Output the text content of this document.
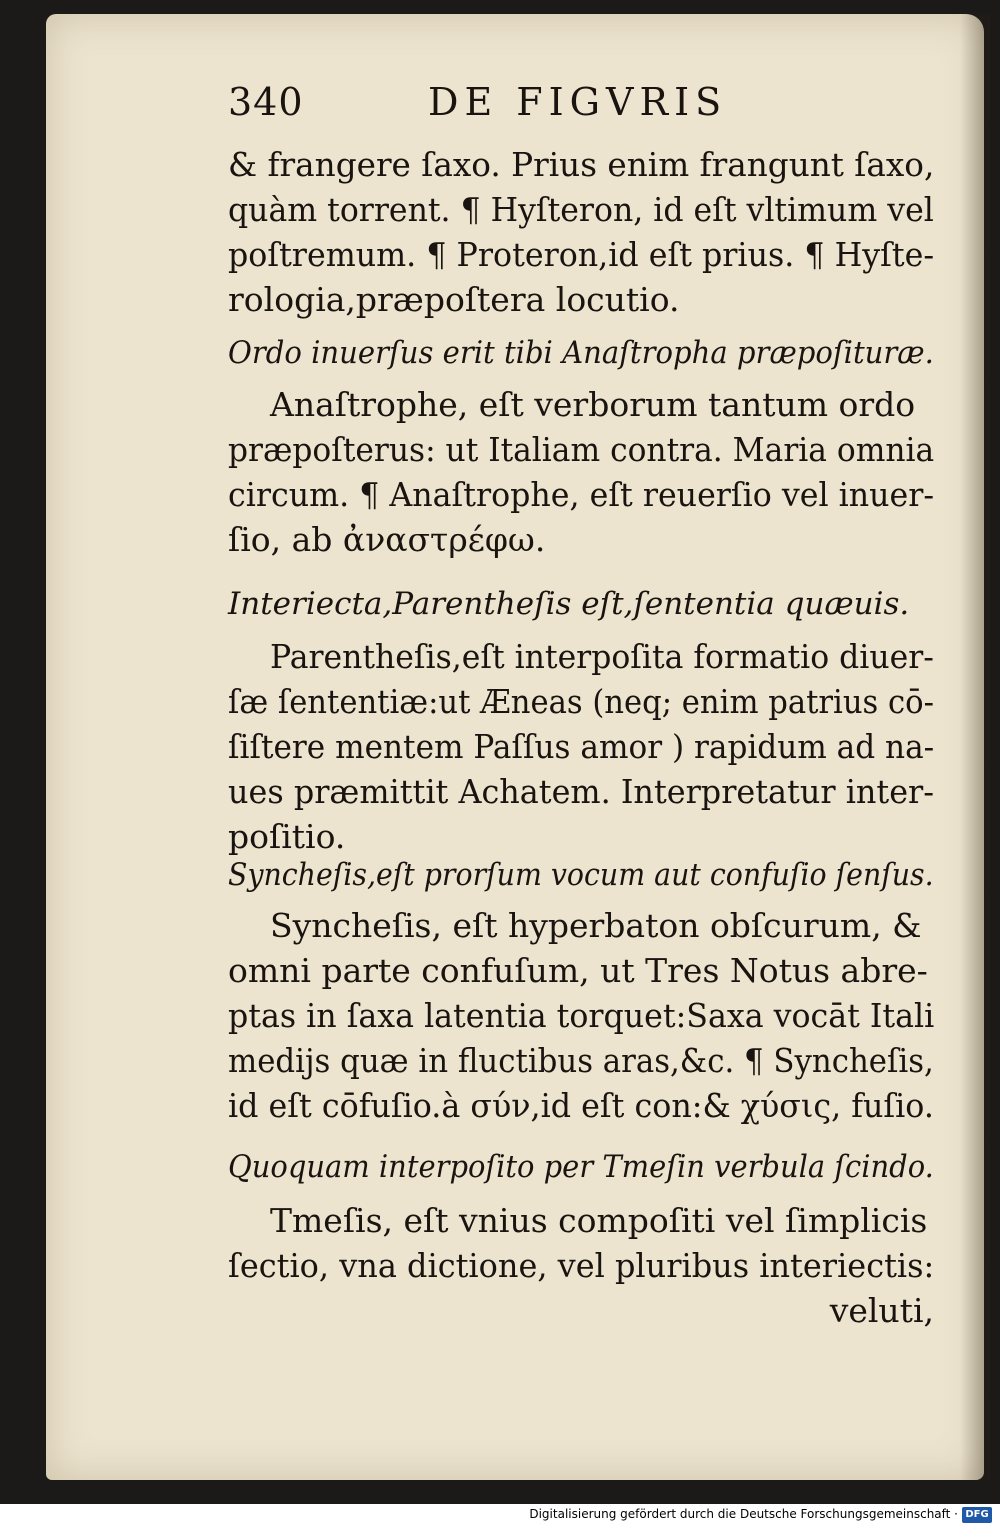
340	DE FIGVRIS
& frangere ſaxo. Prius enim frangunt ſaxo,
quàm torrent. ¶ Hyſteron, id eſt vltimum vel
poſtremum. ¶ Proteron,id eſt prius. ¶ Hyſte-
rologia,præpoſtera locutio.
Ordo inuerſus erit tibi Anaſtropha præpoſituræ.
Anaſtrophe, eſt verborum tantum ordo
præpoſterus: ut Italiam contra. Maria omnia
circum. ¶ Anaſtrophe, eſt reuerſio vel inuer-
ſio, ab ἀναστρέφω.
Interiecta,Parentheſis eſt,ſententia quæuis.
Parentheſis,eſt interpoſita formatio diuer-
ſæ ſententiæ:ut Æneas (neq; enim patrius cō-
ſiſtere mentem Paſſus amor ) rapidum ad na-
ues præmittit Achatem. Interpretatur inter-
poſitio.
Syncheſis,eſt prorſum vocum aut confuſio ſenſus.
Syncheſis, eſt hyperbaton obſcurum, &
omni parte confuſum, ut Tres Notus abre-
ptas in ſaxa latentia torquet:Saxa vocāt Itali
medijs quæ in fluctibus aras,&c. ¶ Syncheſis,
id eſt cōfuſio.à σύν,id eſt con:& χύσις, fuſio.
Quoquam interpoſito per Tmeſin verbula ſcindo.
Tmeſis, eſt vnius compoſiti vel ſimplicis
ſectio, vna dictione, vel pluribus interiectis:
veluti,
Digitalisierung gefördert durch die Deutsche Forschungsgemeinschaft · DFG
